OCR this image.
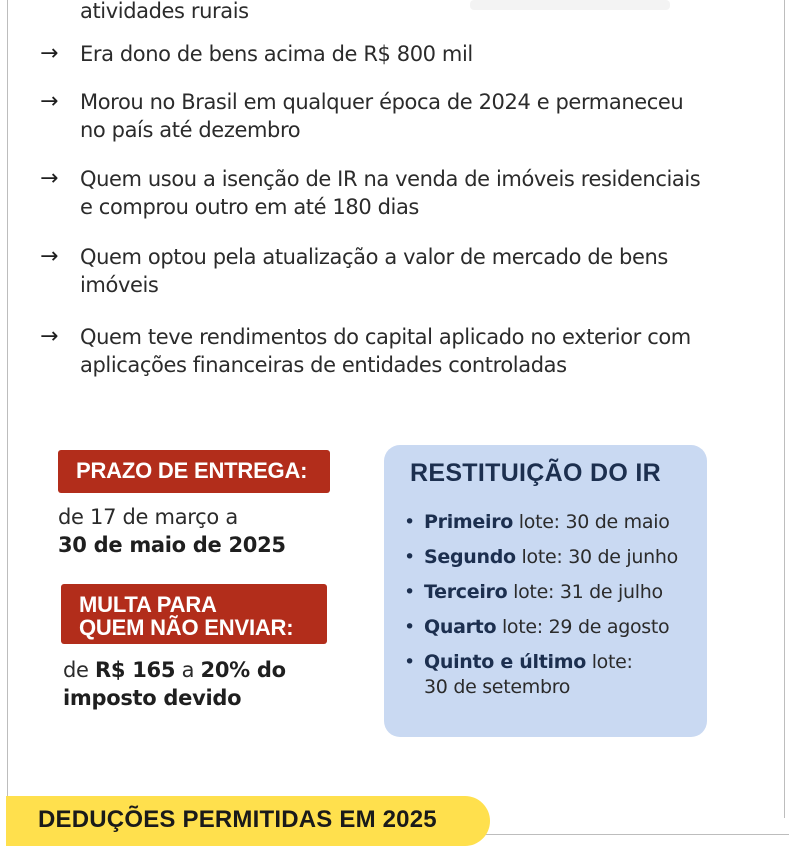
atividades rurais
→	Era dono de bens acima de R$ 800 mil
→	Morou no Brasil em qualquer época de 2024 e permaneceu no país até dezembro
→	Quem usou a isenção de IR na venda de imóveis residenciais e comprou outro em até 180 dias
→	Quem optou pela atualização a valor de mercado de bens imóveis
→	Quem teve rendimentos do capital aplicado no exterior com aplicações financeiras de entidades controladas
PRAZO DE ENTREGA:
de 17 de março a
30 de maio de 2025
MULTA PARA
QUEM NÃO ENVIAR:
de R$ 165 a 20% do
imposto devido
RESTITUIÇÃO DO IR
• Primeiro lote: 30 de maio
• Segundo lote: 30 de junho
• Terceiro lote: 31 de julho
• Quarto lote: 29 de agosto
• Quinto e último lote:
30 de setembro
DEDUÇÕES PERMITIDAS EM 2025
